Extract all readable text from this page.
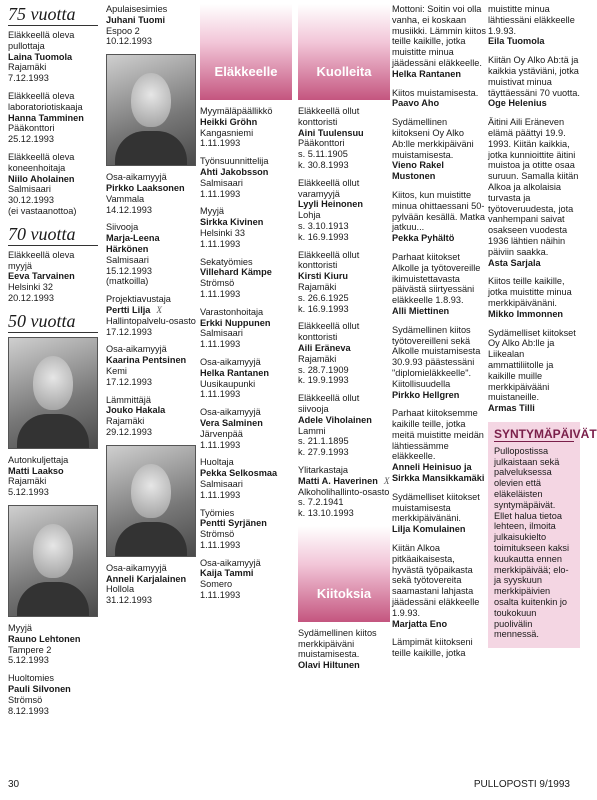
75 vuotta
Eläkkeellä oleva pullottaja
Laina Tuomola
Rajamäki
7.12.1993
Eläkkeellä oleva laboratoriotiskaaja
Hanna Tamminen
Pääkonttori
25.12.1993
Eläkkeellä oleva koneenhoitaja
Niilo Aholainen
Salmisaari
30.12.1993
(ei vastaanottoa)
70 vuotta
Eläkkeellä oleva myyjä
Eeva Tarvainen
Helsinki 32
20.12.1993
50 vuotta
Autonkuljettaja
Matti Laakso
Rajamäki
5.12.1993
Myyjä
Rauno Lehtonen
Tampere 2
5.12.1993
Huoltomies
Pauli Silvonen
Strömsö
8.12.1993
Apulaisesimies
Juhani Tuomi
Espoo 2
10.12.1993
Osa-aikamyyjä
Pirkko Laaksonen
Vammala
14.12.1993
Siivooja
Marja-Leena Härkönen
Salmisaari
15.12.1993
(matkoilla)
Projektiavustaja
Pertti Lilja X
Hallintopalvelu-osasto
17.12.1993
Osa-aikamyyjä
Kaarina Pentsinen
Kemi
17.12.1993
Lämmittäjä
Jouko Hakala
Rajamäki
29.12.1993
Osa-aikamyyjä
Anneli Karjalainen
Hollola
31.12.1993
Eläkkeelle
Myymäläpäällikkö
Heikki Gröhn
Kangasniemi
1.11.1993
Työnsuunnittelija
Ahti Jakobsson
Salmisaari
1.11.1993
Myyjä
Sirkka Kivinen
Helsinki 33
1.11.1993
Sekatyömies
Villehard Kämpe
Strömsö
1.11.1993
Varastonhoitaja
Erkki Nuppunen
Salmisaari
1.11.1993
Osa-aikamyyjä
Helka Rantanen
Uusikaupunki
1.11.1993
Osa-aikamyyjä
Vera Salminen
Järvenpää
1.11.1993
Huoltaja
Pekka Selkosmaa
Salmisaari
1.11.1993
Työmies
Pentti Syrjänen
Strömsö
1.11.1993
Osa-aikamyyjä
Kaija Tammi
Somero
1.11.1993
Kuolleita
Eläkkeellä ollut konttoristi
Aini Tuulensuu
Pääkonttori
s. 5.11.1905
k. 30.8.1993
Eläkkeellä ollut varamyyjä
Lyyli Heinonen
Lohja
s. 3.10.1913
k. 16.9.1993
Eläkkeellä ollut konttoristi
Kirsti Kiuru
Rajamäki
s. 26.6.1925
k. 16.9.1993
Eläkkeellä ollut konttoristi
Aili Eräneva
Rajamäki
s. 28.7.1909
k. 19.9.1993
Eläkkeellä ollut siivooja
Adele Viholainen
Lammi
s. 21.1.1895
k. 27.9.1993
Ylitarkastaja
Matti A. Haverinen X
Alkoholihallinto-osasto
s. 7.2.1941
k. 13.10.1993
Kiitoksia
Sydämellinen kiitos merkkipäiväni muistamisesta.
Olavi Hiltunen
Mottoni: Soitin voi olla vanha, ei koskaan musiikki. Lämmin kiitos teille kaikille, jotka muistitte minua jäädessäni eläkkeelle.
Helka Rantanen
Kiitos muistamisesta.
Paavo Aho
Sydämellinen kiitokseni Oy Alko Ab:lle merkkipäiväni muistamisesta.
Vieno Rakel Mustonen
Kiitos, kun muistitte minua ohittaessani 50-pylvään kesällä. Matka jatkuu...
Pekka Pyhältö
Parhaat kiitokset Alkolle ja työtovereille ikimuistettavasta päivästä siirtyessäni eläkkeelle 1.8.93.
Alli Miettinen
Sydämellinen kiitos työtovereilleni sekä Alkolle muistamisesta 30.9.93 päästessäni "diplomieläkkeelle". Kiitollisuudella
Pirkko Hellgren
Parhaat kiitoksemme kaikille teille, jotka meitä muistitte meidän lähtiessämme eläkkeelle.
Anneli Heinisuo ja Sirkka Mansikkamäki
Sydämelliset kiitokset muistamisesta merkkipäivänäni.
Lilja Komulainen
Kiitän Alkoa pitkäaikaisesta, hyvästä työpaikasta sekä työtovereita saamastani lahjasta jäädessäni eläkkeelle 1.9.93.
Marjatta Eno
Lämpimät kiitokseni teille kaikille, jotka
muistitte minua lähtiessäni eläkkeelle 1.9.93.
Eila Tuomola
Kiitän Oy Alko Ab:tä ja kaikkia ystäviäni, jotka muistivat minua täyttäessäni 70 vuotta.
Oge Helenius
Äitini Aili Eräneven elämä päättyi 19.9. 1993. Kiitän kaikkia, jotka kunnioittite äitini muistoa ja otitte osaa suruun. Samalla kiitän Alkoa ja alkolaisia turvasta ja työtoveruudesta, jota vanhempani saivat osakseen vuodesta 1936 lähtien näihin päiviin saakka.
Asta Sarjala
Kiitos teille kaikille, jotka muistitte minua merkkipäivänäni.
Mikko Immonnen
Sydämelliset kiitokset Oy Alko Ab:lle ja Liikealan ammattiliitolle ja kaikille muille merkkipäivääni muistaneille.
Armas Tilli
SYNTYMÄPÄIVÄT
Pullopostissa julkaistaan sekä palveluksessa olevien että eläkeläisten syntymäpäivät. Ellet halua tietoa lehteen, ilmoita julkaisukielto toimitukseen kaksi kuukautta ennen merkkipäivää; elo- ja syyskuun merkkipäivien osalta kuitenkin jo toukokuun puolivälin mennessä.
30	PULLOPOSTI 9/1993
